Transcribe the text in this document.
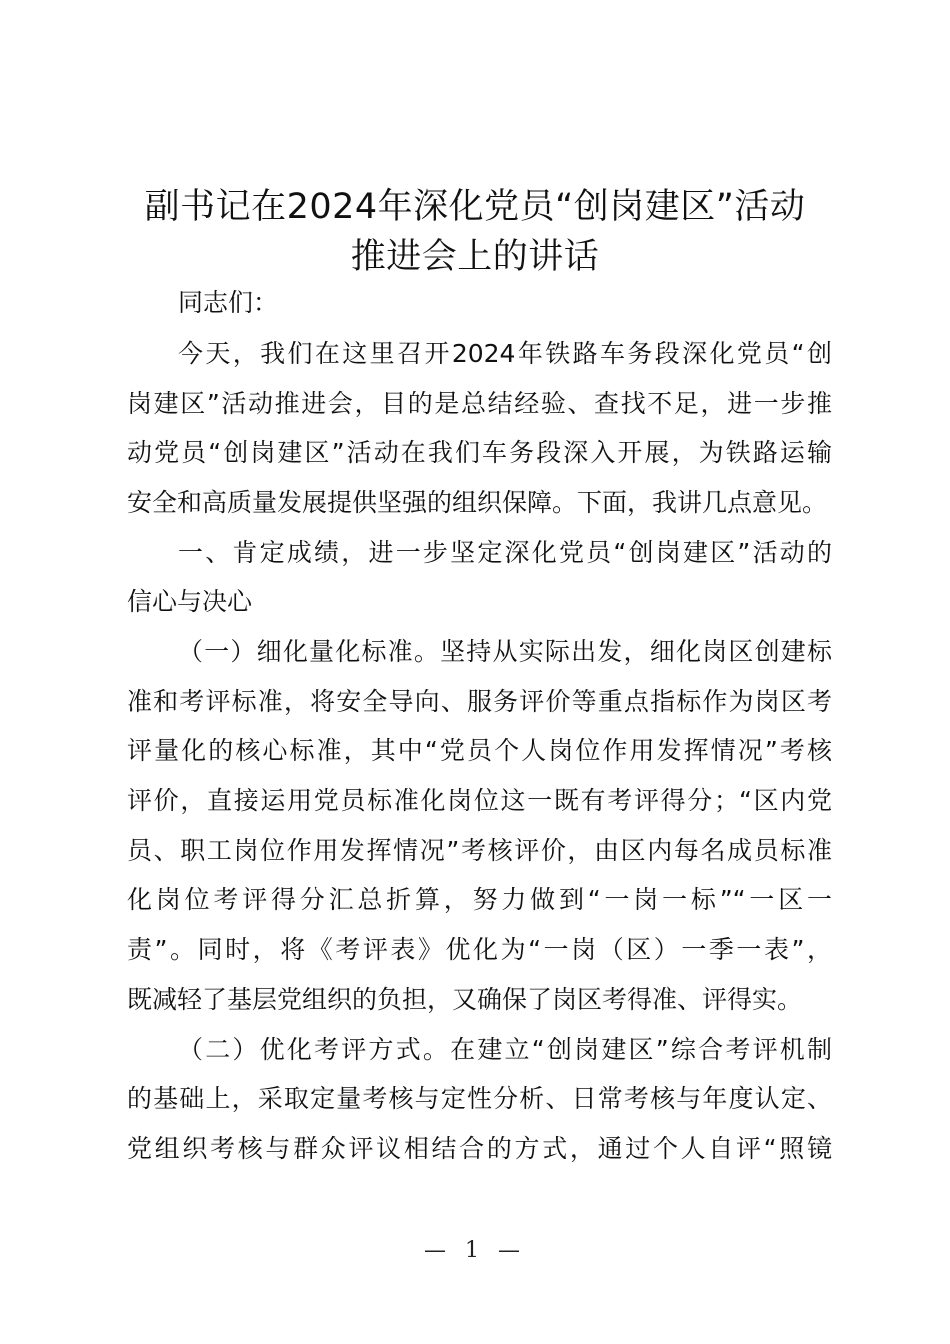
副书记在2024年深化党员“创岗建区”活动
推进会上的讲话

同志们：

今天，我们在这里召开2024年铁路车务段深化党员“创

岗建区”活动推进会，目的是总结经验、查找不足，进一步推

动党员“创岗建区”活动在我们车务段深入开展，为铁路运输

安全和高质量发展提供坚强的组织保障。下面，我讲几点意见。

一、肯定成绩，进一步坚定深化党员“创岗建区”活动的

信心与决心

（一）细化量化标准。坚持从实际出发，细化岗区创建标

准和考评标准，将安全导向、服务评价等重点指标作为岗区考

评量化的核心标准，其中“党员个人岗位作用发挥情况”考核

评价，直接运用党员标准化岗位这一既有考评得分；“区内党

员、职工岗位作用发挥情况”考核评价，由区内每名成员标准

化岗位考评得分汇总折算，努力做到“一岗一标”“一区一

责”。同时，将《考评表》优化为“一岗（区）一季一表”，

既减轻了基层党组织的负担，又确保了岗区考得准、评得实。

（二）优化考评方式。在建立“创岗建区”综合考评机制

的基础上，采取定量考核与定性分析、日常考核与年度认定、

党组织考核与群众评议相结合的方式，通过个人自评“照镜

— 1 —
